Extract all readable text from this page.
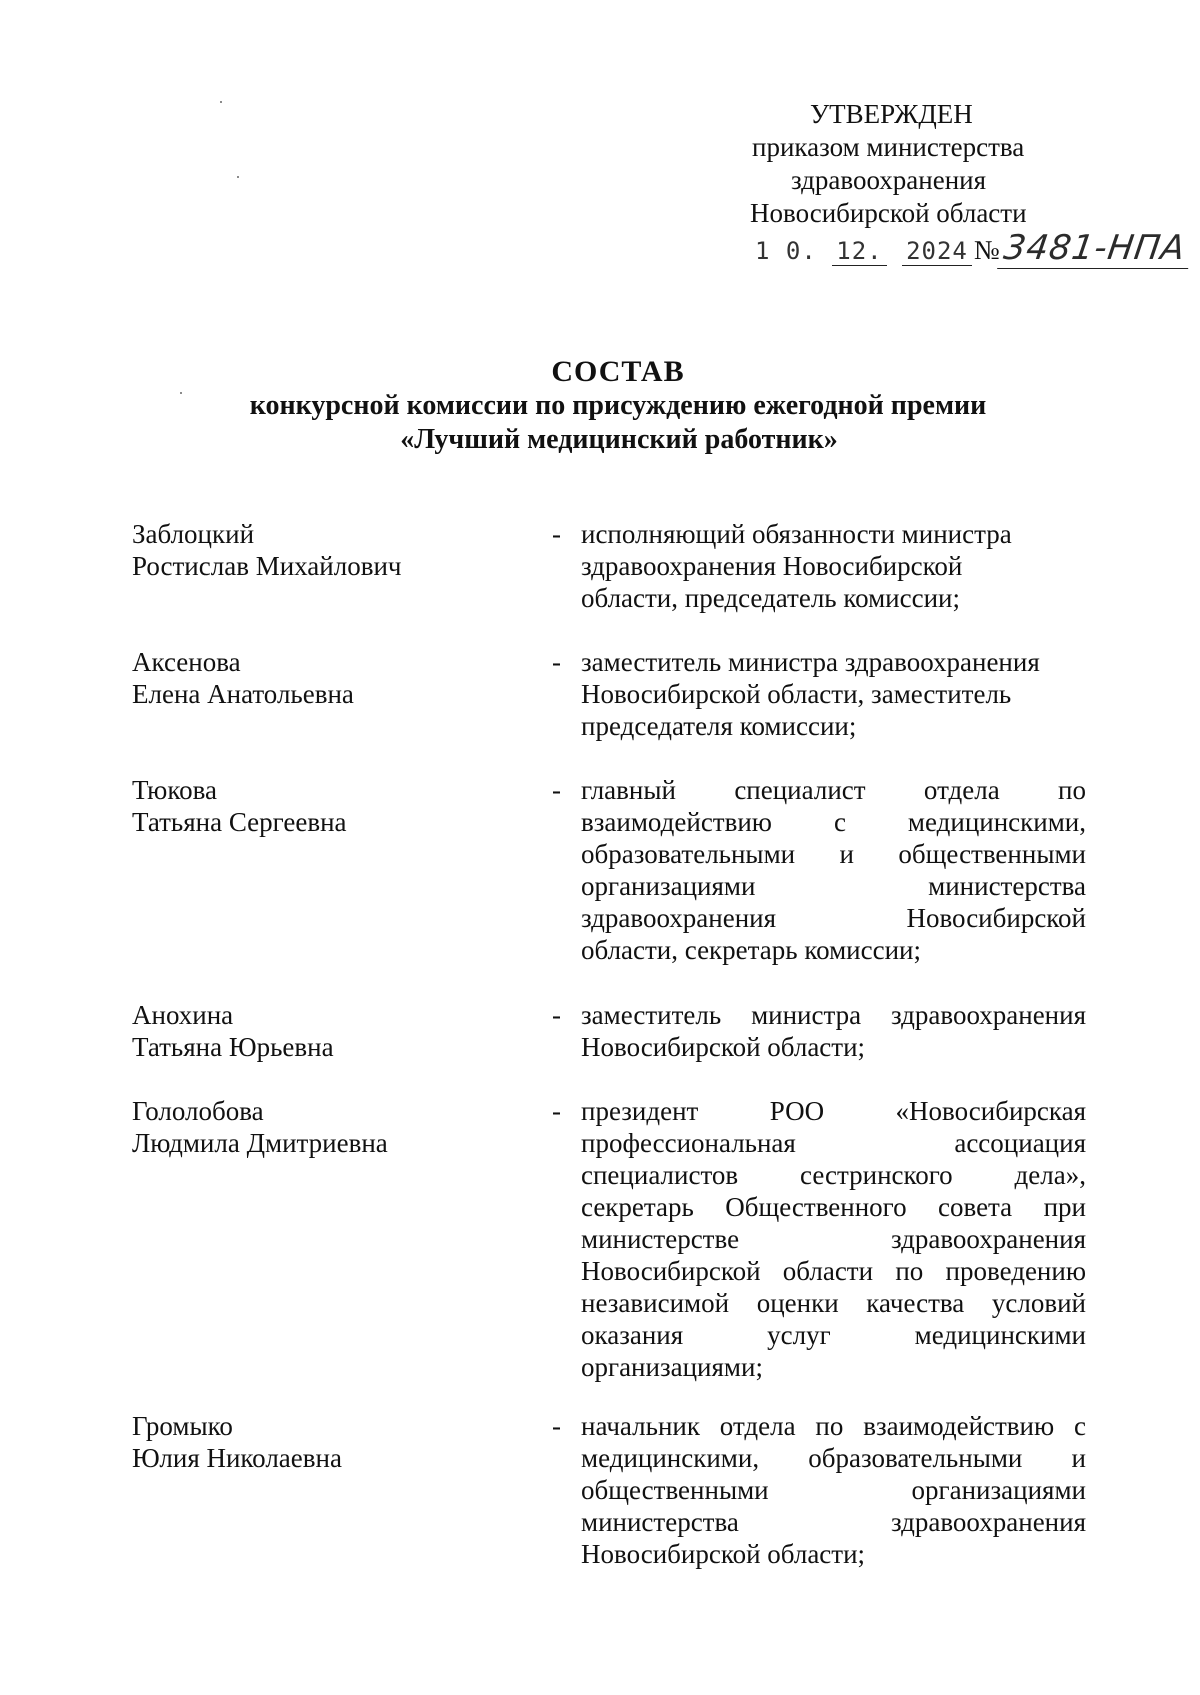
УТВЕРЖДЕН
приказом министерства
здравоохранения
Новосибирской области
1 0. 12. 2024 №3481-НПА
СОСТАВ
конкурсной комиссии по присуждению ежегодной премии
«Лучший медицинский работник»
Заблоцкий
Ростислав Михайлович
- исполняющий обязанности министра
здравоохранения Новосибирской
области, председатель комиссии;
Аксенова
Елена Анатольевна
- заместитель министра здравоохранения
Новосибирской области, заместитель
председателя комиссии;
Тюкова
Татьяна Сергеевна
- главный специалист отдела по
взаимодействию с медицинскими,
образовательными и общественными
организациями министерства
здравоохранения Новосибирской
области, секретарь комиссии;
Анохина
Татьяна Юрьевна
- заместитель министра здравоохранения
Новосибирской области;
Гололобова
Людмила Дмитриевна
- президент РОО «Новосибирская
профессиональная ассоциация
специалистов сестринского дела»,
секретарь Общественного совета при
министерстве здравоохранения
Новосибирской области по проведению
независимой оценки качества условий
оказания услуг медицинскими
организациями;
Громыко
Юлия Николаевна
- начальник отдела по взаимодействию с
медицинскими, образовательными и
общественными организациями
министерства здравоохранения
Новосибирской области;
